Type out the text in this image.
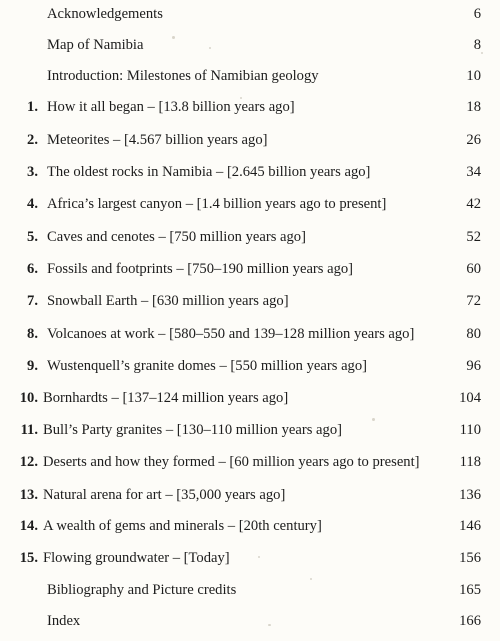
Acknowledgements	6
Map of Namibia	8
Introduction: Milestones of Namibian geology	10
1. How it all began – [13.8 billion years ago]	18
2. Meteorites – [4.567 billion years ago]	26
3. The oldest rocks in Namibia – [2.645 billion years ago]	34
4. Africa’s largest canyon – [1.4 billion years ago to present]	42
5. Caves and cenotes – [750 million years ago]	52
6. Fossils and footprints – [750–190 million years ago]	60
7. Snowball Earth – [630 million years ago]	72
8. Volcanoes at work – [580–550 and 139–128 million years ago]	80
9. Wustenquell’s granite domes – [550 million years ago]	96
10. Bornhardts – [137–124 million years ago]	104
11. Bull’s Party granites – [130–110 million years ago]	110
12. Deserts and how they formed – [60 million years ago to present]	118
13. Natural arena for art – [35,000 years ago]	136
14. A wealth of gems and minerals – [20th century]	146
15. Flowing groundwater – [Today]	156
Bibliography and Picture credits	165
Index	166
